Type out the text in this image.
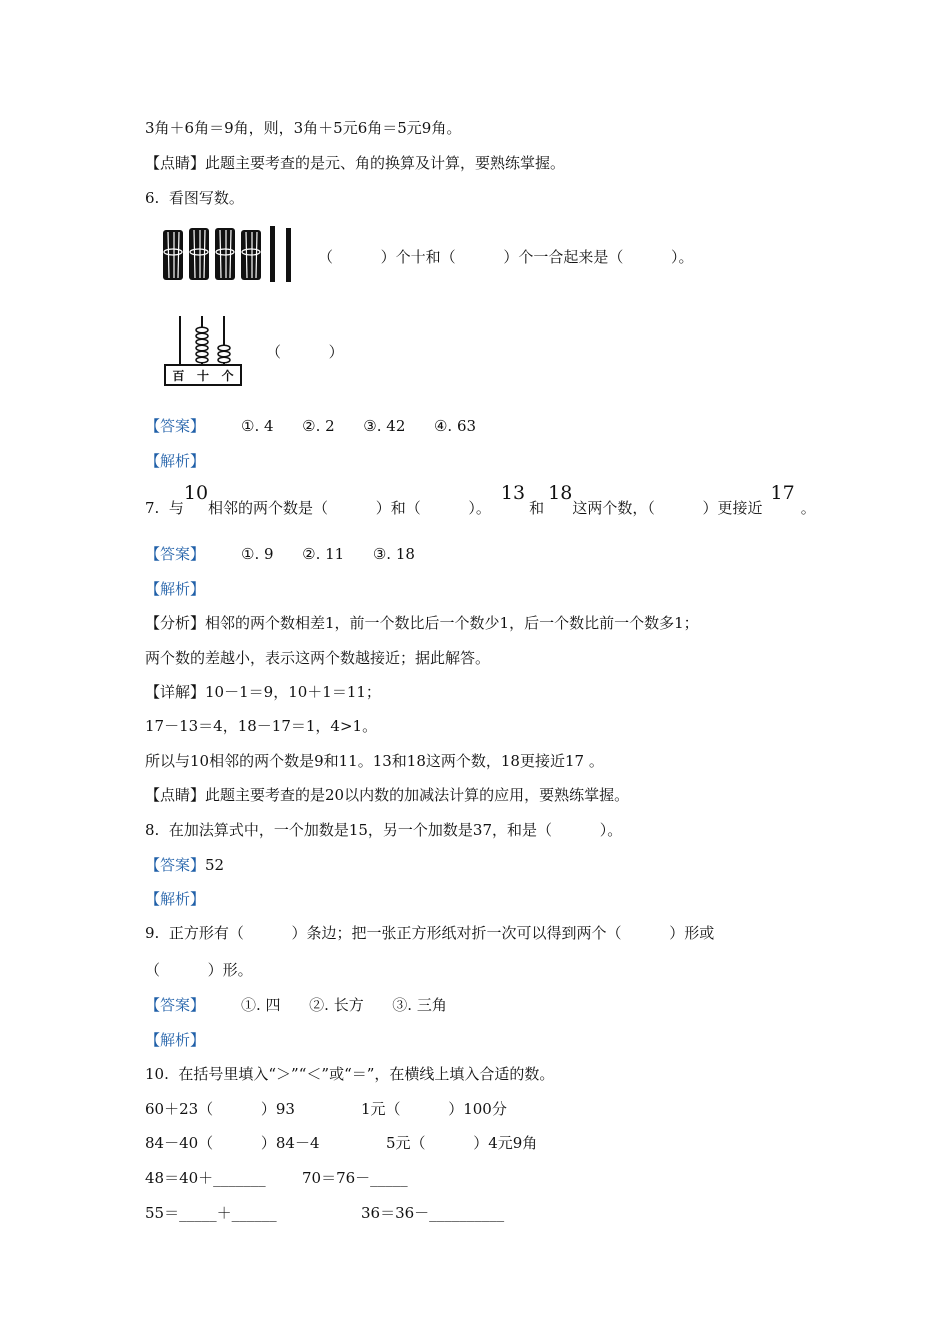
3角＋6角＝9角，则，3角＋5元6角＝5元9角。
【点睛】此题主要考查的是元、角的换算及计算，要熟练掌握。
6.  看图写数。
（          ）个十和（          ）个一合起来是（          ）。
百 十 个
（          ）
【答案】 ①. 4      ②. 2      ③. 42      ④. 63
【解析】
7.  与10相邻的两个数是（          ）和（          ）。13和18这两个数，（          ）更接近17。
【答案】 ①. 9      ②. 11      ③. 18
【解析】
【分析】相邻的两个数相差1，前一个数比后一个数少1，后一个数比前一个数多1；
两个数的差越小，表示这两个数越接近；据此解答。
【详解】10－1＝9，10＋1＝11；
17－13＝4，18－17＝1，4>1。
所以与10相邻的两个数是9和11。13和18这两个数，18更接近17 。
【点睛】此题主要考查的是20以内数的加减法计算的应用，要熟练掌握。
8.  在加法算式中，一个加数是15，另一个加数是37，和是（          ）。
【答案】52
【解析】
9.  正方形有（          ）条边；把一张正方形纸对折一次可以得到两个（          ）形或
（          ）形。
【答案】 ①. 四      ②. 长方      ③. 三角
【解析】
10.  在括号里填入“＞”“＜”或“＝”，在横线上填入合适的数。
60＋23（          ）93	1元（          ）100分
84－40（          ）84－4	5元（          ）4元9角
48＝40＋_______ 70＝76－_____
55＝_____＋______	36＝36－__________
